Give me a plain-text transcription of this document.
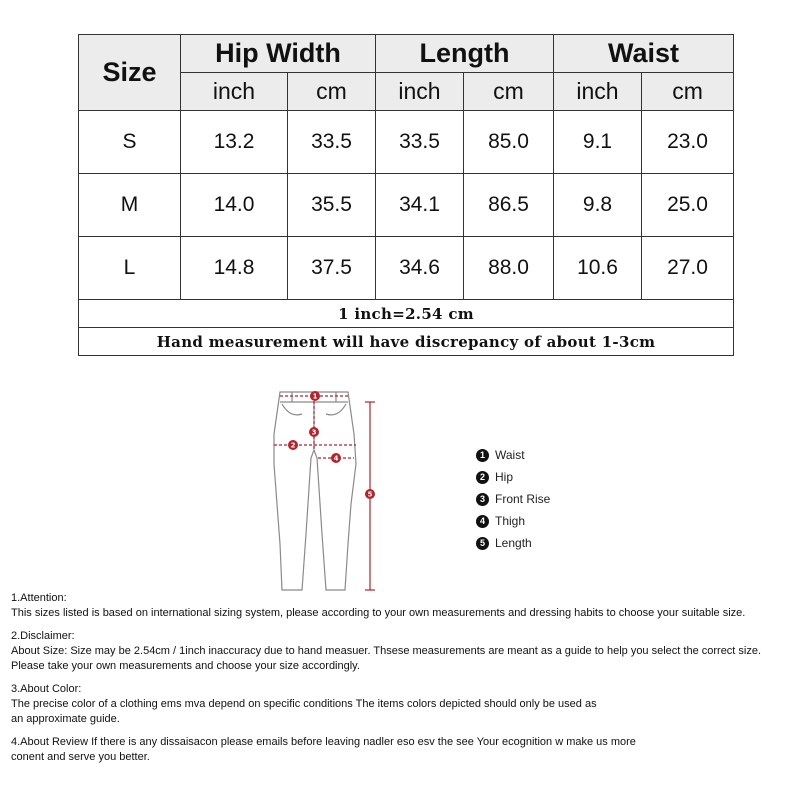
Size	Hip Width		Length		Waist	
	inch	cm	inch	cm	inch	cm
S	13.2	33.5	33.5	85.0	9.1	23.0
M	14.0	35.5	34.1	86.5	9.8	25.0
L	14.8	37.5	34.6	88.0	10.6	27.0
1 inch=2.54 cm						
Hand measurement will have discrepancy of about 1-3cm						
1
2
3
4
5
1 Waist
2 Hip
3 Front Rise
4 Thigh
5 Length
1.Attention:
This sizes listed is based on international sizing system, please according to your own measurements and dressing habits to choose your suitable size.
2.Disclaimer:
About Size: Size may be 2.54cm / 1inch inaccuracy due to hand measuer. Thsese measurements are meant as a guide to help you select the correct size.
Please take your own measurements and choose your size accordingly.
3.About Color:
The precise color of a clothing ems mva depend on specific conditions The items colors depicted should only be used as
an approximate guide.
4.About Review If there is any dissaisacon please emails before leaving nadler eso esv the see Your ecognition w make us more
conent and serve you better.
